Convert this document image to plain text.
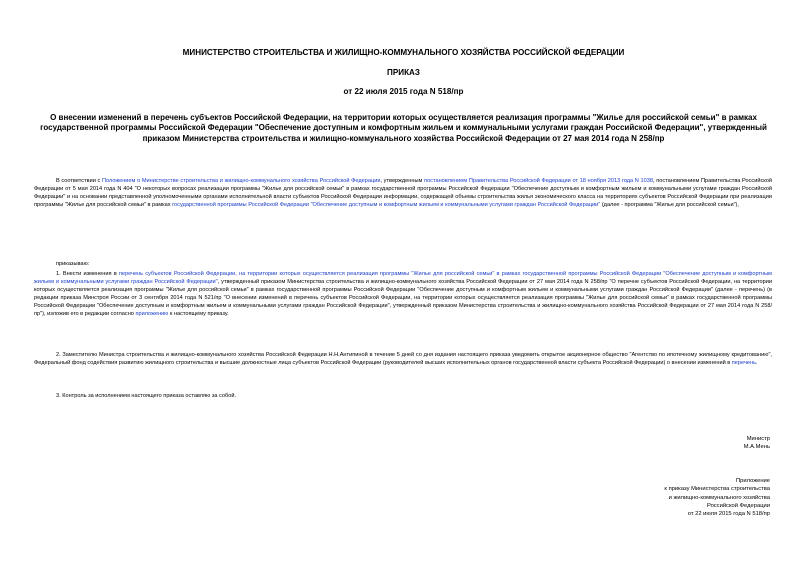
МИНИСТЕРСТВО СТРОИТЕЛЬСТВА И ЖИЛИЩНО-КОММУНАЛЬНОГО ХОЗЯЙСТВА РОССИЙСКОЙ ФЕДЕРАЦИИ
ПРИКАЗ
от 22 июля 2015 года N 518/пр
О внесении изменений в перечень субъектов Российской Федерации, на территории которых осуществляется реализация программы "Жилье для российской семьи" в рамках государственной программы Российской Федерации "Обеспечение доступным и комфортным жильем и коммунальными услугами граждан Российской Федерации", утвержденный приказом Министерства строительства и жилищно-коммунального хозяйства Российской Федерации от 27 мая 2014 года N 258/пр

В соответствии с Положением о Министерстве строительства и жилищно-коммунального хозяйства Российской Федерации, утвержденным постановлением Правительства Российской Федерации от 18 ноября 2013 года N 1038, постановлением Правительства Российской Федерации от 5 мая 2014 года N 404 "О некоторых вопросах реализации программы "Жилье для российской семьи" в рамках государственной программы Российской Федерации "Обеспечение доступным и комфортным жильем и коммунальными услугами граждан Российской Федерации" и на основании представленной уполномоченными органами исполнительной власти субъектов Российской Федерации информации, содержащей объемы строительства жилья экономического класса на территориях субъектов Российской Федерации при реализации программы "Жилье для российской семьи" в рамках государственной программы Российской Федерации "Обеспечение доступным и комфортным жильем и коммунальными услугами граждан Российской Федерации" (далее - программа "Жилье для российской семьи"),

приказываю:

1. Внести изменения в перечень субъектов Российской Федерации, на территории которых осуществляется реализация программы "Жилье для российской семьи" в рамках государственной программы Российской Федерации "Обеспечение доступным и комфортным жильем и коммунальными услугами граждан Российской Федерации", утвержденный приказом Министерства строительства и жилищно-коммунального хозяйства Российской Федерации от 27 мая 2014 года N 258/пр "О перечне субъектов Российской Федерации, на территории которых осуществляется реализация программы "Жилье для российской семьи" в рамках государственной программы Российской Федерации "Обеспечение доступным и комфортным жильем и коммунальными услугами граждан Российской Федерации" (далее - перечень) (в редакции приказа Минстроя России от 3 сентября 2014 года N 521/пр "О внесении изменений в перечень субъектов Российской Федерации, на территории которых осуществляется реализация программы "Жилье для российской семьи" в рамках государственной программы Российской Федерации "Обеспечение доступным и комфортным жильем и коммунальными услугами граждан Российской Федерации", утвержденный приказом Министерства строительства и жилищно-коммунального хозяйства Российской Федерации от 27 мая 2014 года N 258/пр"), изложив его в редакции согласно приложению к настоящему приказу.

2. Заместителю Министра строительства и жилищно-коммунального хозяйства Российской Федерации Н.Н.Антипиной в течение 5 дней со дня издания настоящего приказа уведомить открытое акционерное общество "Агентство по ипотечному жилищному кредитованию", Федеральный фонд содействия развитию жилищного строительства и высшие должностные лица субъектов Российской Федерации (руководителей высших исполнительных органов государственной власти субъекта Российской Федерации) о внесении изменений в перечень.

3. Контроль за исполнением настоящего приказа оставляю за собой.

Министр
М.А.Мень
Приложение
к приказу Министерства строительства
и жилищно-коммунального хозяйства
Российской Федерации
от 22 июля 2015 года N 518/пр
